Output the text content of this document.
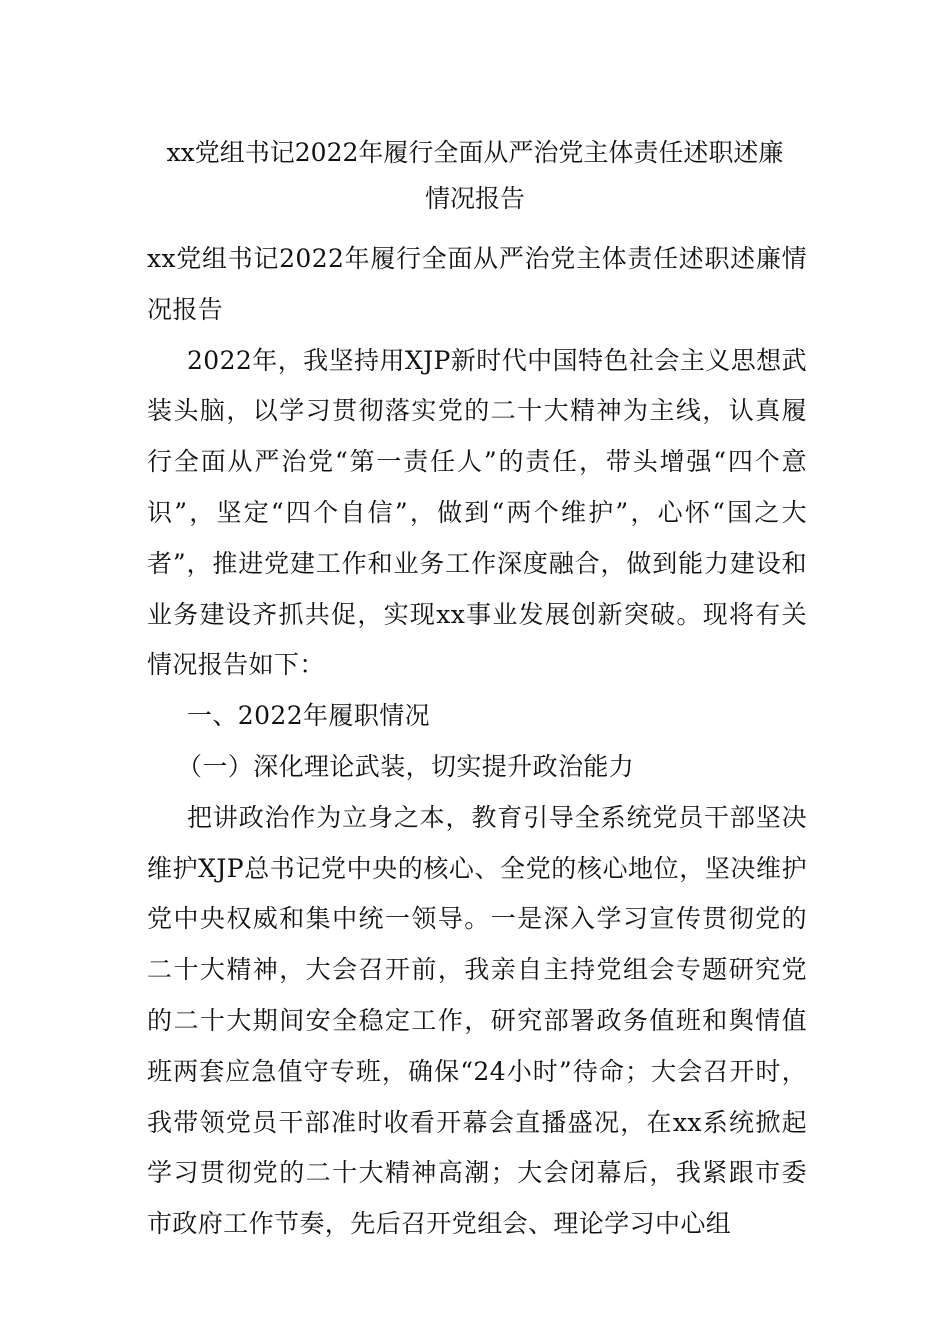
xx党组书记2022年履行全面从严治党主体责任述职述廉
情况报告

xx党组书记2022年履行全面从严治党主体责任述职述廉情况报告

2022年，我坚持用XJP新时代中国特色社会主义思想武装头脑，以学习贯彻落实党的二十大精神为主线，认真履行全面从严治党“第一责任人”的责任，带头增强“四个意识”，坚定“四个自信”，做到“两个维护”，心怀“国之大者”，推进党建工作和业务工作深度融合，做到能力建设和业务建设齐抓共促，实现xx事业发展创新突破。现将有关情况报告如下：

一、2022年履职情况

（一）深化理论武装，切实提升政治能力

把讲政治作为立身之本，教育引导全系统党员干部坚决维护XJP总书记党中央的核心、全党的核心地位，坚决维护党中央权威和集中统一领导。一是深入学习宣传贯彻党的二十大精神，大会召开前，我亲自主持党组会专题研究党的二十大期间安全稳定工作，研究部署政务值班和舆情值班两套应急值守专班，确保“24小时”待命；大会召开时，我带领党员干部准时收看开幕会直播盛况，在xx系统掀起学习贯彻党的二十大精神高潮；大会闭幕后，我紧跟市委市政府工作节奏，先后召开党组会、理论学习中心组
